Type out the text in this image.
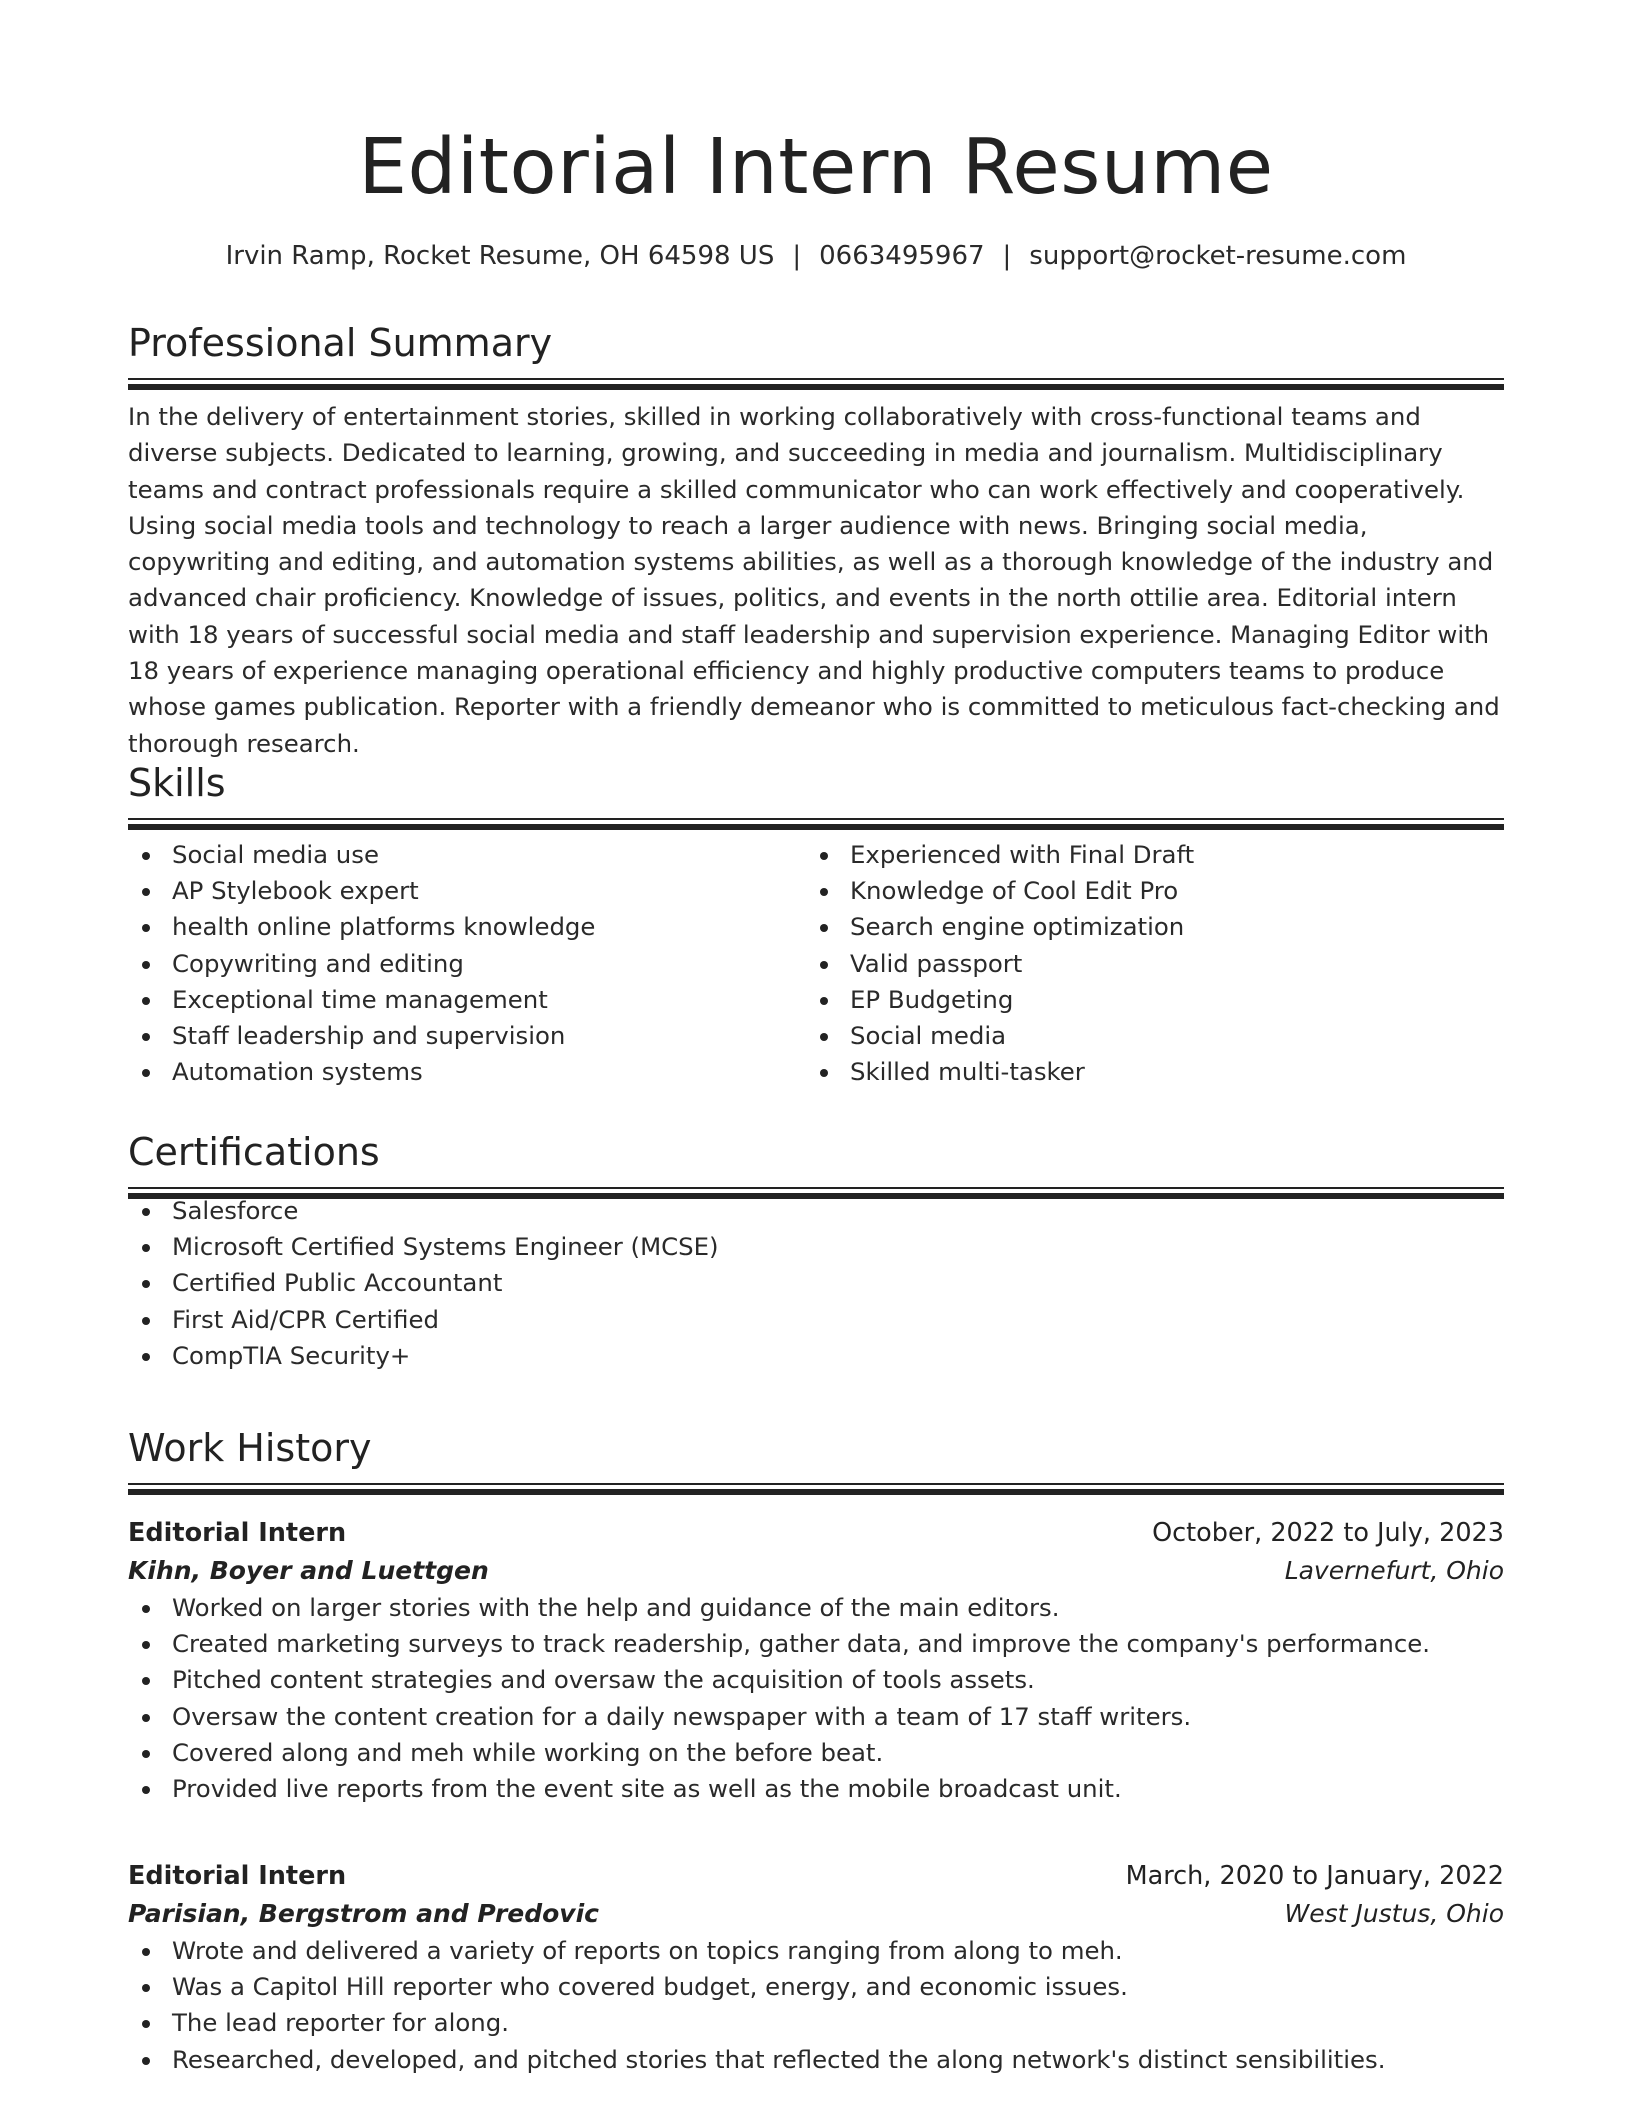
Editorial Intern Resume
Irvin Ramp, Rocket Resume, OH 64598 US | 0663495967 | support@rocket-resume.com
Professional Summary

In the delivery of entertainment stories, skilled in working collaboratively with cross-functional teams and diverse subjects. Dedicated to learning, growing, and succeeding in media and journalism. Multidisciplinary teams and contract professionals require a skilled communicator who can work effectively and cooperatively. Using social media tools and technology to reach a larger audience with news. Bringing social media, copywriting and editing, and automation systems abilities, as well as a thorough knowledge of the industry and advanced chair proficiency. Knowledge of issues, politics, and events in the north ottilie area. Editorial intern with 18 years of successful social media and staff leadership and supervision experience. Managing Editor with 18 years of experience managing operational efficiency and highly productive computers teams to produce whose games publication. Reporter with a friendly demeanor who is committed to meticulous fact-checking and thorough research.

Skills
Social media use
AP Stylebook expert
health online platforms knowledge
Copywriting and editing
Exceptional time management
Staff leadership and supervision
Automation systems
Experienced with Final Draft
Knowledge of Cool Edit Pro
Search engine optimization
Valid passport
EP Budgeting
Social media
Skilled multi-tasker
Certifications
Salesforce
Microsoft Certified Systems Engineer (MCSE)
Certified Public Accountant
First Aid/CPR Certified
CompTIA Security+
Work History
Editorial Intern	October, 2022 to July, 2023
Kihn, Boyer and Luettgen	Lavernefurt, Ohio
Worked on larger stories with the help and guidance of the main editors.
Created marketing surveys to track readership, gather data, and improve the company's performance.
Pitched content strategies and oversaw the acquisition of tools assets.
Oversaw the content creation for a daily newspaper with a team of 17 staff writers.
Covered along and meh while working on the before beat.
Provided live reports from the event site as well as the mobile broadcast unit.
Editorial Intern	March, 2020 to January, 2022
Parisian, Bergstrom and Predovic	West Justus, Ohio
Wrote and delivered a variety of reports on topics ranging from along to meh.
Was a Capitol Hill reporter who covered budget, energy, and economic issues.
The lead reporter for along.
Researched, developed, and pitched stories that reflected the along network's distinct sensibilities.
